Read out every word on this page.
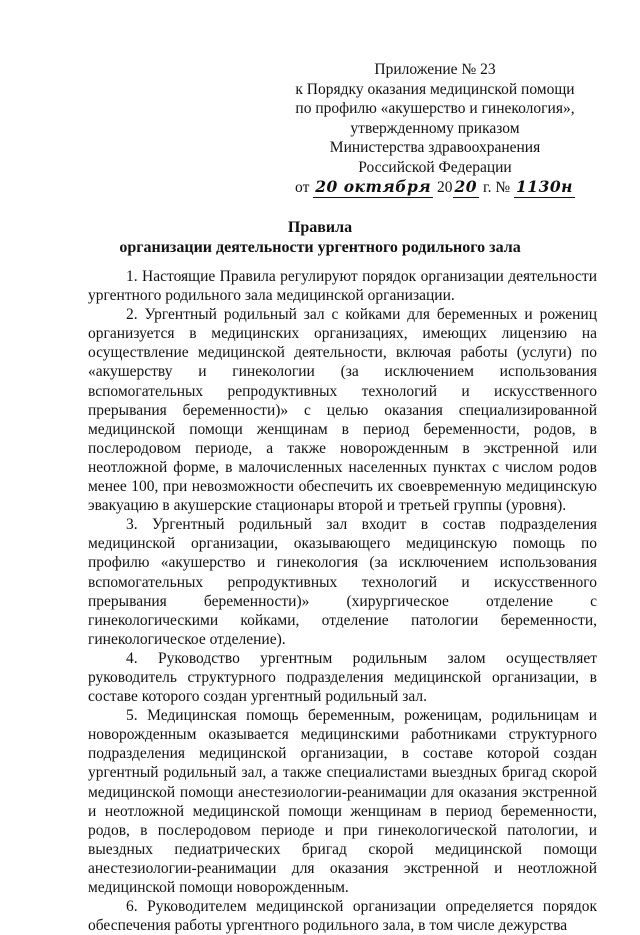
Приложение № 23
к Порядку оказания медицинской помощи
по профилю «акушерство и гинекология»,
утвержденному приказом
Министерства здравоохранения
Российской Федерации
от 20 октября 20 20 г. № 1130н
Правила
организации деятельности ургентного родильного зала

1. Настоящие Правила регулируют порядок организации деятельности ургентного родильного зала медицинской организации.

2. Ургентный родильный зал с койками для беременных и рожениц организуется в медицинских организациях, имеющих лицензию на осуществление медицинской деятельности, включая работы (услуги) по «акушерству и гинекологии (за исключением использования вспомогательных репродуктивных технологий и искусственного прерывания беременности)» с целью оказания специализированной медицинской помощи женщинам в период беременности, родов, в послеродовом периоде, а также новорожденным в экстренной или неотложной форме, в малочисленных населенных пунктах с числом родов менее 100, при невозможности обеспечить их своевременную медицинскую эвакуацию в акушерские стационары второй и третьей группы (уровня).

3. Ургентный родильный зал входит в состав подразделения медицинской организации, оказывающего медицинскую помощь по профилю «акушерство и гинекология (за исключением использования вспомогательных репродуктивных технологий и искусственного прерывания беременности)» (хирургическое отделение с гинекологическими койками, отделение патологии беременности, гинекологическое отделение).

4. Руководство ургентным родильным залом осуществляет руководитель структурного подразделения медицинской организации, в составе которого создан ургентный родильный зал.

5. Медицинская помощь беременным, роженицам, родильницам и новорожденным оказывается медицинскими работниками структурного подразделения медицинской организации, в составе которой создан ургентный родильный зал, а также специалистами выездных бригад скорой медицинской помощи анестезиологии-реанимации для оказания экстренной и неотложной медицинской помощи женщинам в период беременности, родов, в послеродовом периоде и при гинекологической патологии, и выездных педиатрических бригад скорой медицинской помощи анестезиологии-реанимации для оказания экстренной и неотложной медицинской помощи новорожденным.

6. Руководителем медицинской организации определяется порядок обеспечения работы ургентного родильного зала, в том числе дежурства
